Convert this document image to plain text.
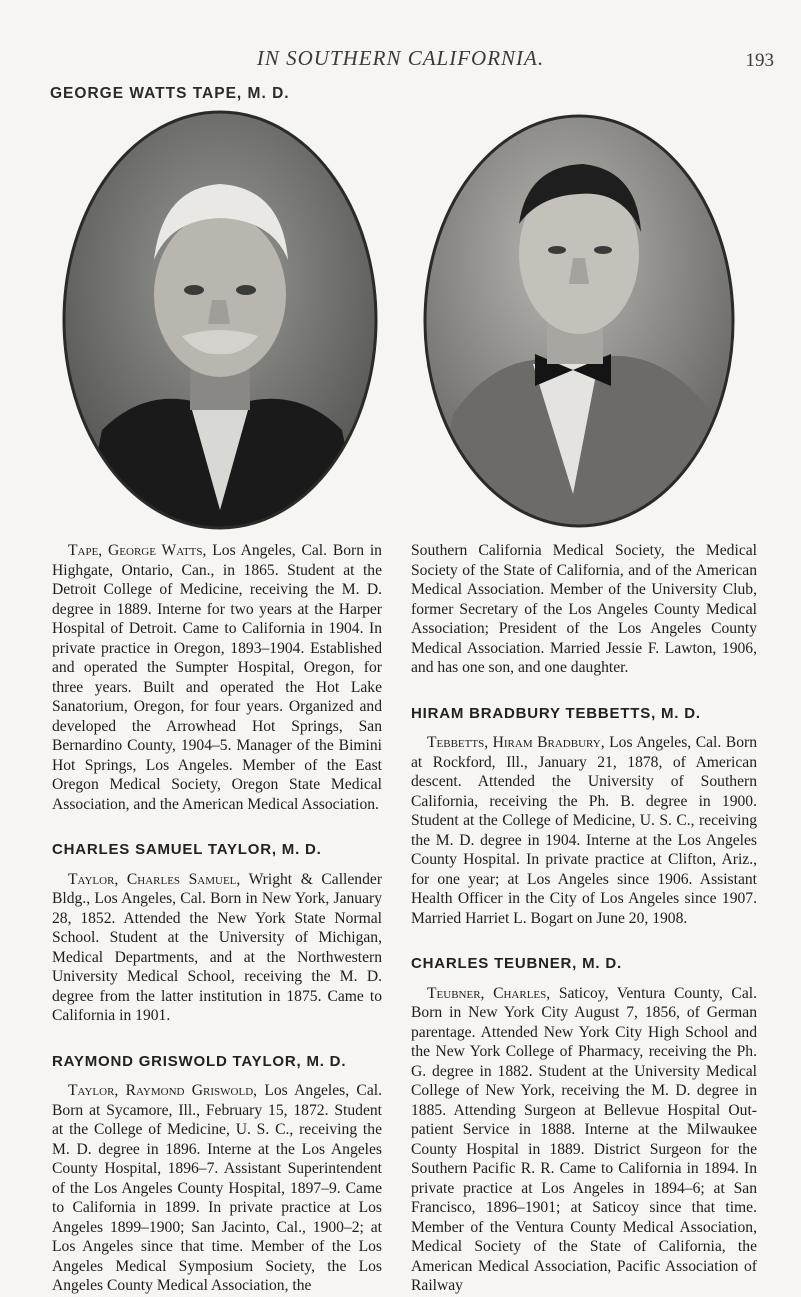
IN SOUTHERN CALIFORNIA.	193
GEORGE WATTS TAPE, M. D.

Tape, George Watts, Los Angeles, Cal. Born in Highgate, Ontario, Can., in 1865. Student at the Detroit College of Medicine, receiving the M. D. degree in 1889. Interne for two years at the Harper Hospital of Detroit. Came to California in 1904. In private practice in Oregon, 1893–1904. Established and operated the Sumpter Hospital, Oregon, for three years. Built and operated the Hot Lake Sanatorium, Oregon, for four years. Organized and developed the Arrowhead Hot Springs, San Bernardino County, 1904–5. Manager of the Bimini Hot Springs, Los Angeles. Member of the East Oregon Medical Society, Oregon State Medical Association, and the American Medical Association.

CHARLES SAMUEL TAYLOR, M. D.

Taylor, Charles Samuel, Wright & Callender Bldg., Los Angeles, Cal. Born in New York, January 28, 1852. Attended the New York State Normal School. Student at the University of Michigan, Medical Departments, and at the Northwestern University Medical School, receiving the M. D. degree from the latter institution in 1875. Came to California in 1901.

RAYMOND GRISWOLD TAYLOR, M. D.

Taylor, Raymond Griswold, Los Angeles, Cal. Born at Sycamore, Ill., February 15, 1872. Student at the College of Medicine, U. S. C., receiving the M. D. degree in 1896. Interne at the Los Angeles County Hospital, 1896–7. Assistant Superintendent of the Los Angeles County Hospital, 1897–9. Came to California in 1899. In private practice at Los Angeles 1899–1900; San Jacinto, Cal., 1900–2; at Los Angeles since that time. Member of the Los Angeles Medical Symposium Society, the Los Angeles County Medical Association, the

Southern California Medical Society, the Medical Society of the State of California, and of the American Medical Association. Member of the University Club, former Secretary of the Los Angeles County Medical Association; President of the Los Angeles County Medical Association. Married Jessie F. Lawton, 1906, and has one son, and one daughter.

HIRAM BRADBURY TEBBETTS, M. D.

Tebbetts, Hiram Bradbury, Los Angeles, Cal. Born at Rockford, Ill., January 21, 1878, of American descent. Attended the University of Southern California, receiving the Ph. B. degree in 1900. Student at the College of Medicine, U. S. C., receiving the M. D. degree in 1904. Interne at the Los Angeles County Hospital. In private practice at Clifton, Ariz., for one year; at Los Angeles since 1906. Assistant Health Officer in the City of Los Angeles since 1907. Married Harriet L. Bogart on June 20, 1908.

CHARLES TEUBNER, M. D.

Teubner, Charles, Saticoy, Ventura County, Cal. Born in New York City August 7, 1856, of German parentage. Attended New York City High School and the New York College of Pharmacy, receiving the Ph. G. degree in 1882. Student at the University Medical College of New York, receiving the M. D. degree in 1885. Attending Surgeon at Bellevue Hospital Out-patient Service in 1888. Interne at the Milwaukee County Hospital in 1889. District Surgeon for the Southern Pacific R. R. Came to California in 1894. In private practice at Los Angeles in 1894–6; at San Francisco, 1896–1901; at Saticoy since that time. Member of the Ventura County Medical Association, Medical Society of the State of California, the American Medical Association, Pacific Association of Railway
